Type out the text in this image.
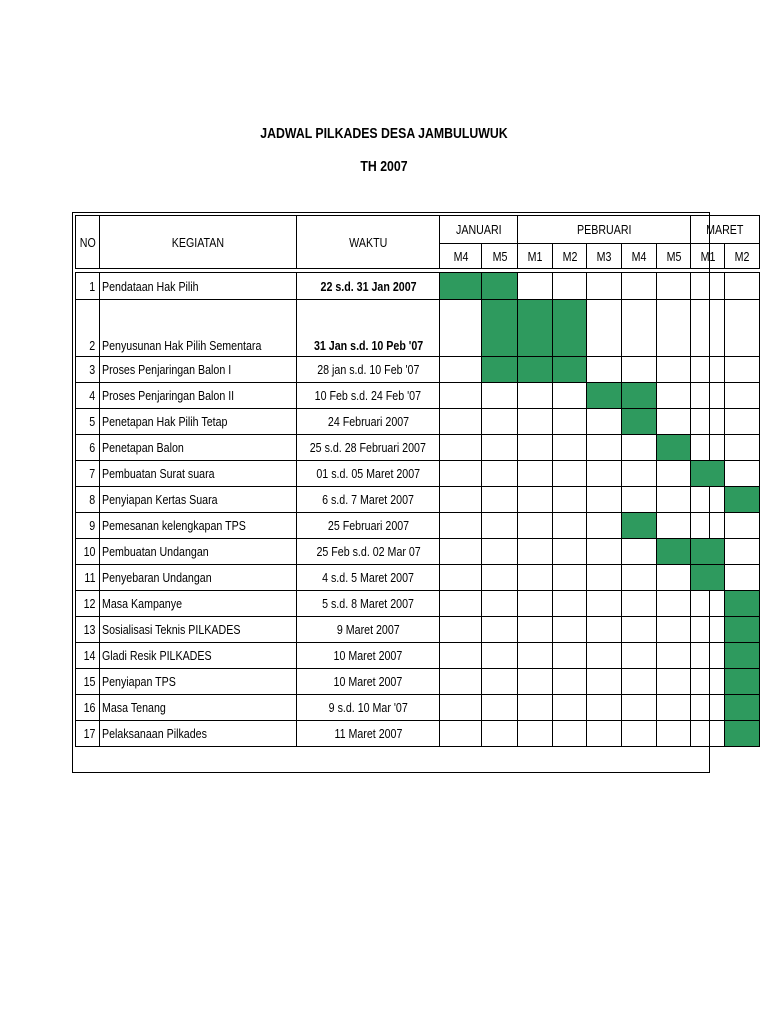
JADWAL PILKADES DESA JAMBULUWUK
TH 2007
NO	KEGIATAN	WAKTU	JANUARI		PEBRUARI					MARET	
			M4	M5	M1	M2	M3	M4	M5	M1	M2

1	Pendataan Hak Pilih	22 s.d. 31 Jan 2007									
2	Penyusunan Hak Pilih Sementara	31 Jan s.d. 10 Peb '07									
3	Proses Penjaringan Balon I	28 jan s.d. 10 Feb '07									
4	Proses Penjaringan Balon II	10 Feb s.d. 24 Feb '07									
5	Penetapan Hak Pilih Tetap	24 Februari 2007									
6	Penetapan Balon	25 s.d. 28 Februari 2007									
7	Pembuatan Surat suara	01 s.d. 05 Maret 2007									
8	Penyiapan Kertas Suara	6 s.d. 7 Maret 2007									
9	Pemesanan kelengkapan TPS	25 Februari 2007									
10	Pembuatan Undangan	25 Feb s.d. 02 Mar 07									
11	Penyebaran Undangan	4 s.d. 5 Maret 2007									
12	Masa Kampanye	5 s.d. 8 Maret 2007									
13	Sosialisasi Teknis PILKADES	9 Maret 2007									
14	Gladi Resik PILKADES	10 Maret 2007									
15	Penyiapan TPS	10 Maret 2007									
16	Masa Tenang	9 s.d. 10 Mar '07									
17	Pelaksanaan Pilkades	11 Maret 2007									
